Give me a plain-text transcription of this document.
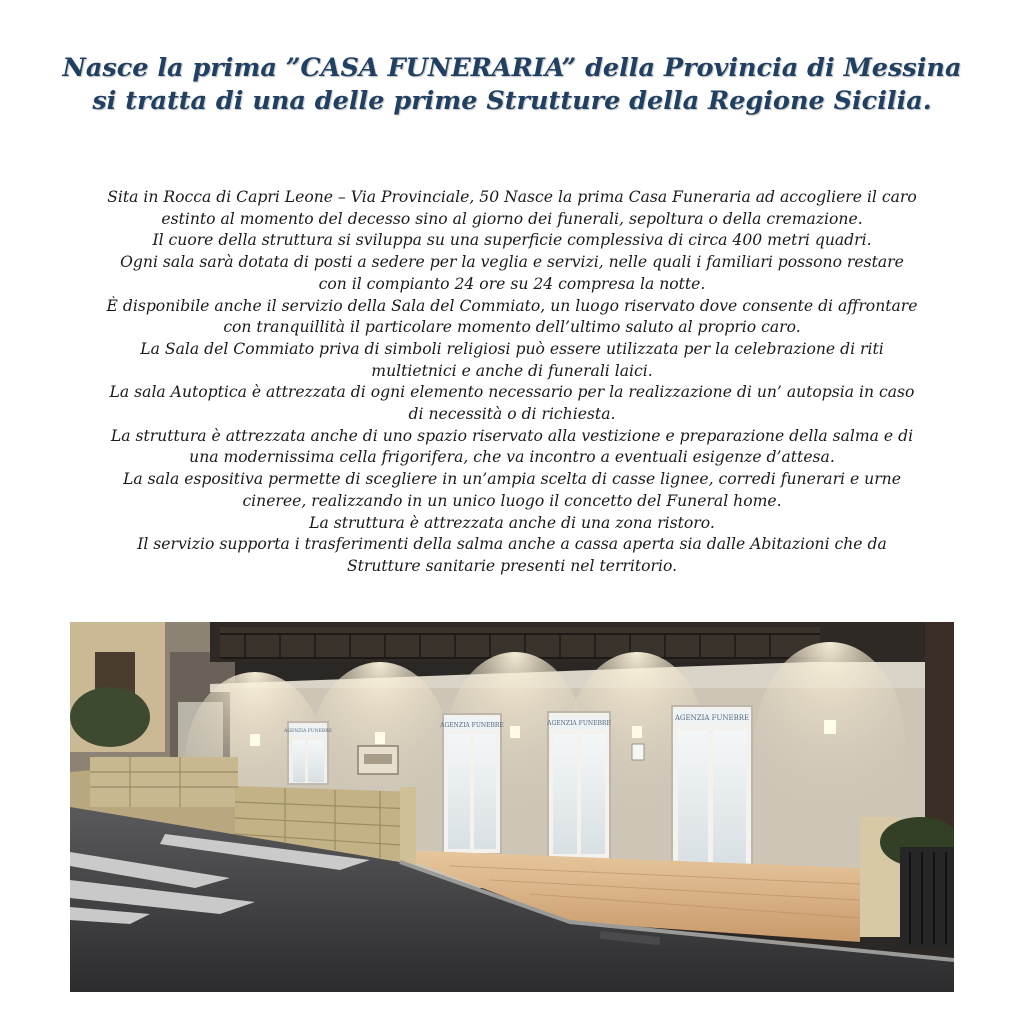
Nasce la prima ”CASA FUNERARIA” della Provincia di Messina
si tratta di una delle prime Strutture della Regione Sicilia.
Sita in Rocca di Capri Leone – Via Provinciale, 50 Nasce la prima Casa Funeraria ad accogliere il caro
estinto al momento del decesso sino al giorno dei funerali, sepoltura o della cremazione.
Il cuore della struttura si sviluppa su una superficie complessiva di circa 400 metri quadri.
Ogni sala sarà dotata di posti a sedere per la veglia e servizi, nelle quali i familiari possono restare
con il compianto 24 ore su 24 compresa la notte.
È disponibile anche il servizio della Sala del Commiato, un luogo riservato dove consente di affrontare
con tranquillità il particolare momento dell’ultimo saluto al proprio caro.
La Sala del Commiato priva di simboli religiosi può essere utilizzata per la celebrazione di riti
multietnici e anche di funerali laici.
La sala Autoptica è attrezzata di ogni elemento necessario per la realizzazione di un’ autopsia in caso
di necessità o di richiesta.
La struttura è attrezzata anche di uno spazio riservato alla vestizione e preparazione della salma e di
una modernissima cella frigorifera, che va incontro a eventuali esigenze d’attesa.
La sala espositiva permette di scegliere in un’ampia scelta di casse lignee, corredi funerari e urne
cineree, realizzando in un unico luogo il concetto del Funeral home.
La struttura è attrezzata anche di una zona ristoro.
Il servizio supporta i trasferimenti della salma anche a cassa aperta sia dalle Abitazioni che da
Strutture sanitarie presenti nel territorio.
AGENZIA FUNEBRE	AGENZIA FUNEBRE
AGENZIA FUNEBRE
AGENZIA FUNEBRE
